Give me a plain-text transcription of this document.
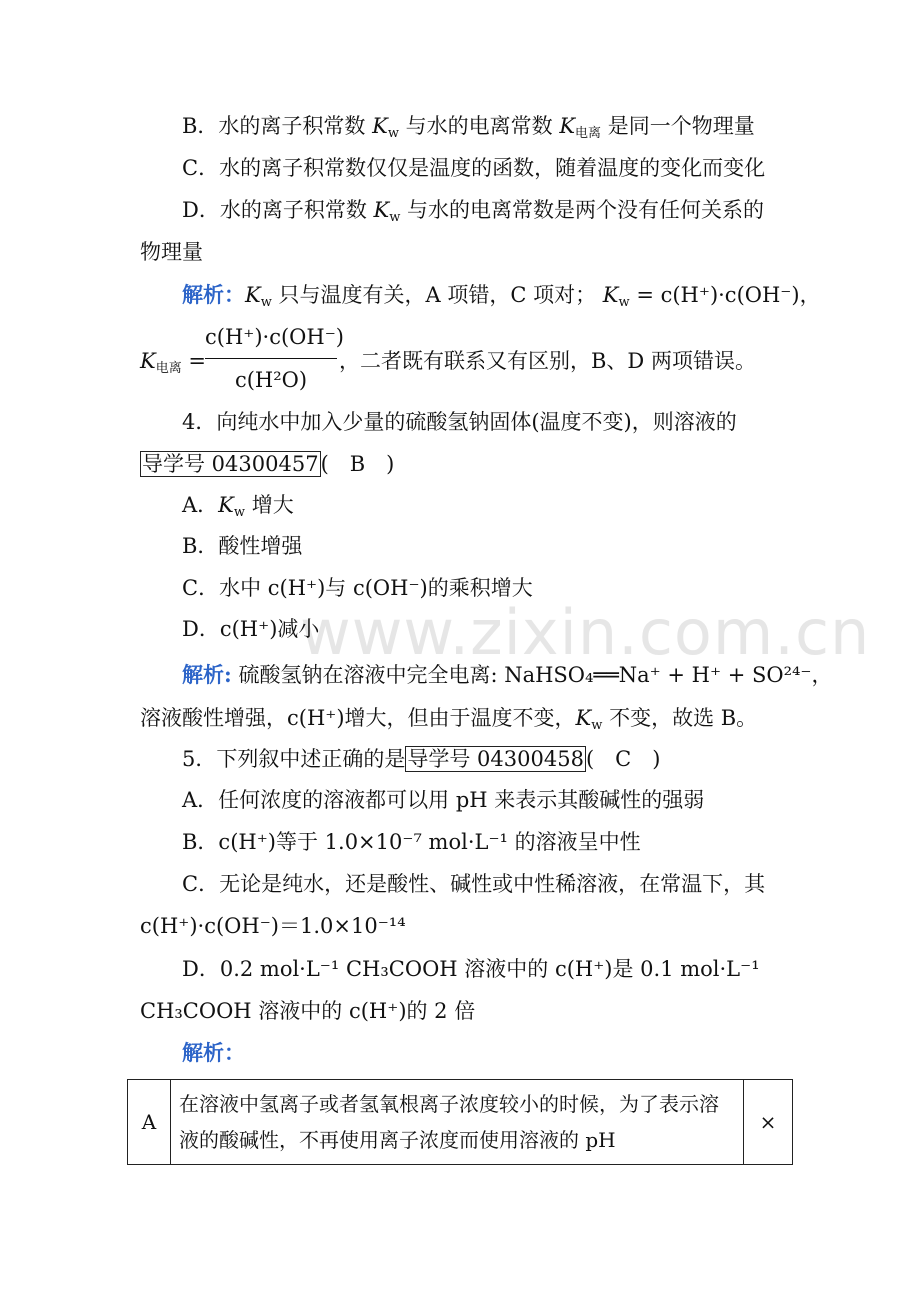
www.zixin.com.cn
B．水的离子积常数 $K_w$ 与水的电离常数 $K_{电离}$ 是同一个物理量
C．水的离子积常数仅仅是温度的函数，随着温度的变化而变化
D．水的离子积常数 $K_w$ 与水的电离常数是两个没有任何关系的
物理量
解析：$K_w$ 只与温度有关，A 项错，C 项对； $K_w = c(H^+)\cdot c(OH^-)$，
$K_{电离}$ =
c(H⁺)·c(OH⁻)
c(H²O)
，二者既有联系又有区别，B、D 两项错误。
4．向纯水中加入少量的硫酸氢钠固体(温度不变)，则溶液的
导学号 04300457(　B　)
A．$K_w$ 增大
B．酸性增强
C．水中 c(H⁺)与 c(OH⁻)的乘积增大
D．c(H⁺)减小
解析: 硫酸氢钠在溶液中完全电离: NaHSO₄══Na⁺ + H⁺ + SO²⁴⁻，
溶液酸性增强，c(H⁺)增大，但由于温度不变，$K_w$ 不变，故选 B。
5．下列叙中述正确的是导学号 04300458(　C　)
A．任何浓度的溶液都可以用 pH 来表示其酸碱性的强弱
B．c(H⁺)等于 1.0×10⁻⁷ mol·L⁻¹ 的溶液呈中性
C．无论是纯水，还是酸性、碱性或中性稀溶液，在常温下，其
c(H⁺)·c(OH⁻)＝1.0×10⁻¹⁴
D．0.2 mol·L⁻¹ CH₃COOH 溶液中的 c(H⁺)是 0.1 mol·L⁻¹
CH₃COOH 溶液中的 c(H⁺)的 2 倍
解析：
A	在溶液中氢离子或者氢氧根离子浓度较小的时候，为了表示溶液的酸碱性，不再使用离子浓度而使用溶液的 pH	×
